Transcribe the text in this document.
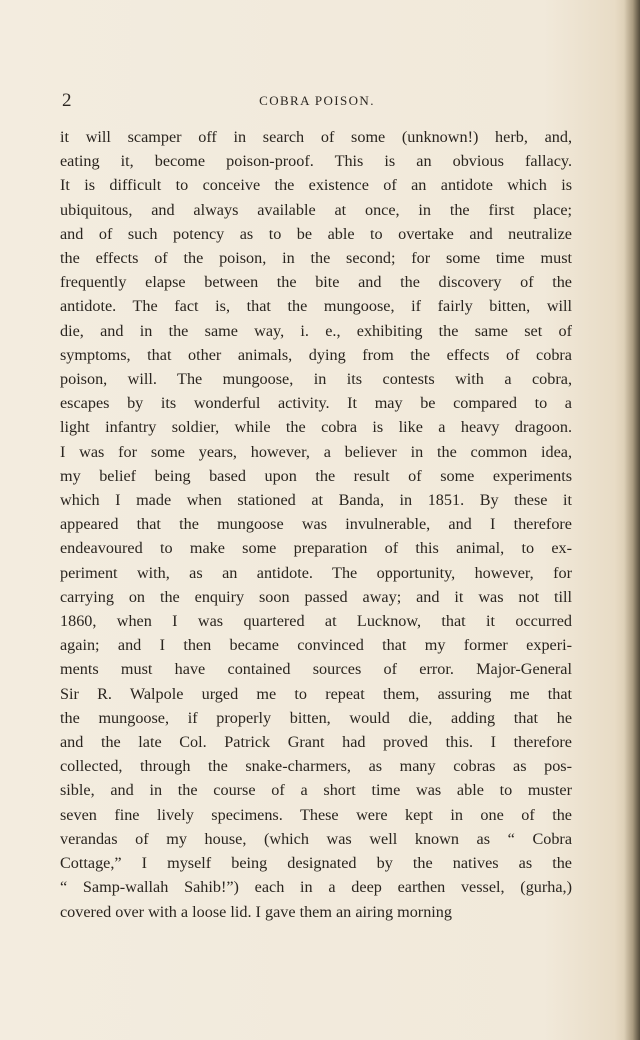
2	COBRA POISON.
it will scamper off in search of some (unknown!) herb, and,
eating it, become poison-proof. This is an obvious fallacy.
It is difficult to conceive the existence of an antidote which is
ubiquitous, and always available at once, in the first place;
and of such potency as to be able to overtake and neutralize
the effects of the poison, in the second; for some time must
frequently elapse between the bite and the discovery of the
antidote. The fact is, that the mungoose, if fairly bitten, will
die, and in the same way, i. e., exhibiting the same set of
symptoms, that other animals, dying from the effects of cobra
poison, will. The mungoose, in its contests with a cobra,
escapes by its wonderful activity. It may be compared to a
light infantry soldier, while the cobra is like a heavy dragoon.
I was for some years, however, a believer in the common idea,
my belief being based upon the result of some experiments
which I made when stationed at Banda, in 1851. By these it
appeared that the mungoose was invulnerable, and I therefore
endeavoured to make some preparation of this animal, to ex-
periment with, as an antidote. The opportunity, however, for
carrying on the enquiry soon passed away; and it was not till
1860, when I was quartered at Lucknow, that it occurred
again; and I then became convinced that my former experi-
ments must have contained sources of error. Major-General
Sir R. Walpole urged me to repeat them, assuring me that
the mungoose, if properly bitten, would die, adding that he
and the late Col. Patrick Grant had proved this. I therefore
collected, through the snake-charmers, as many cobras as pos-
sible, and in the course of a short time was able to muster
seven fine lively specimens. These were kept in one of the
verandas of my house, (which was well known as “ Cobra
Cottage,” I myself being designated by the natives as the
“ Samp-wallah Sahib!”) each in a deep earthen vessel, (gurha,)
covered over with a loose lid. I gave them an airing morning
